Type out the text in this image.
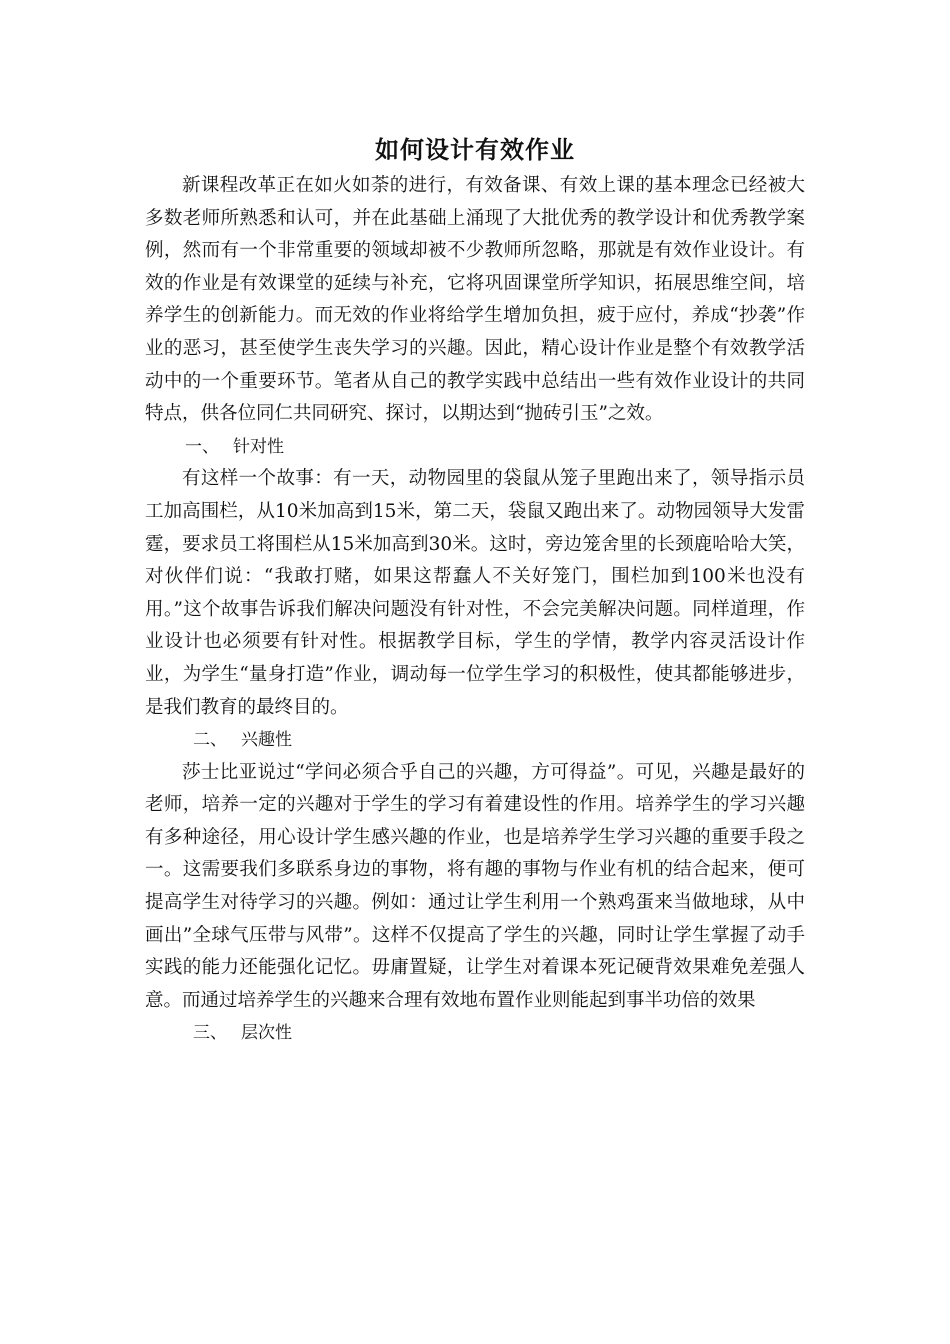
如何设计有效作业

新课程改革正在如火如荼的进行，有效备课、有效上课的基本理念已经被大多数老师所熟悉和认可，并在此基础上涌现了大批优秀的教学设计和优秀教学案例，然而有一个非常重要的领域却被不少教师所忽略，那就是有效作业设计。有效的作业是有效课堂的延续与补充，它将巩固课堂所学知识，拓展思维空间，培养学生的创新能力。而无效的作业将给学生增加负担，疲于应付，养成“抄袭”作业的恶习，甚至使学生丧失学习的兴趣。因此，精心设计作业是整个有效教学活动中的一个重要环节。笔者从自己的教学实践中总结出一些有效作业设计的共同特点，供各位同仁共同研究、探讨，以期达到“抛砖引玉”之效。

一、 针对性

有这样一个故事：有一天，动物园里的袋鼠从笼子里跑出来了，领导指示员工加高围栏，从10米加高到15米，第二天，袋鼠又跑出来了。动物园领导大发雷霆，要求员工将围栏从15米加高到30米。这时，旁边笼舍里的长颈鹿哈哈大笑，对伙伴们说：“我敢打赌，如果这帮蠢人不关好笼门，围栏加到100米也没有用。”这个故事告诉我们解决问题没有针对性，不会完美解决问题。同样道理，作业设计也必须要有针对性。根据教学目标，学生的学情，教学内容灵活设计作业，为学生“量身打造”作业，调动每一位学生学习的积极性，使其都能够进步，是我们教育的最终目的。

二、 兴趣性

莎士比亚说过“学问必须合乎自己的兴趣，方可得益”。可见，兴趣是最好的老师，培养一定的兴趣对于学生的学习有着建设性的作用。培养学生的学习兴趣有多种途径，用心设计学生感兴趣的作业，也是培养学生学习兴趣的重要手段之一。这需要我们多联系身边的事物，将有趣的事物与作业有机的结合起来，便可提高学生对待学习的兴趣。例如：通过让学生利用一个熟鸡蛋来当做地球，从中画出”全球气压带与风带”。这样不仅提高了学生的兴趣，同时让学生掌握了动手实践的能力还能强化记忆。毋庸置疑，让学生对着课本死记硬背效果难免差强人意。而通过培养学生的兴趣来合理有效地布置作业则能起到事半功倍的效果

三、 层次性
